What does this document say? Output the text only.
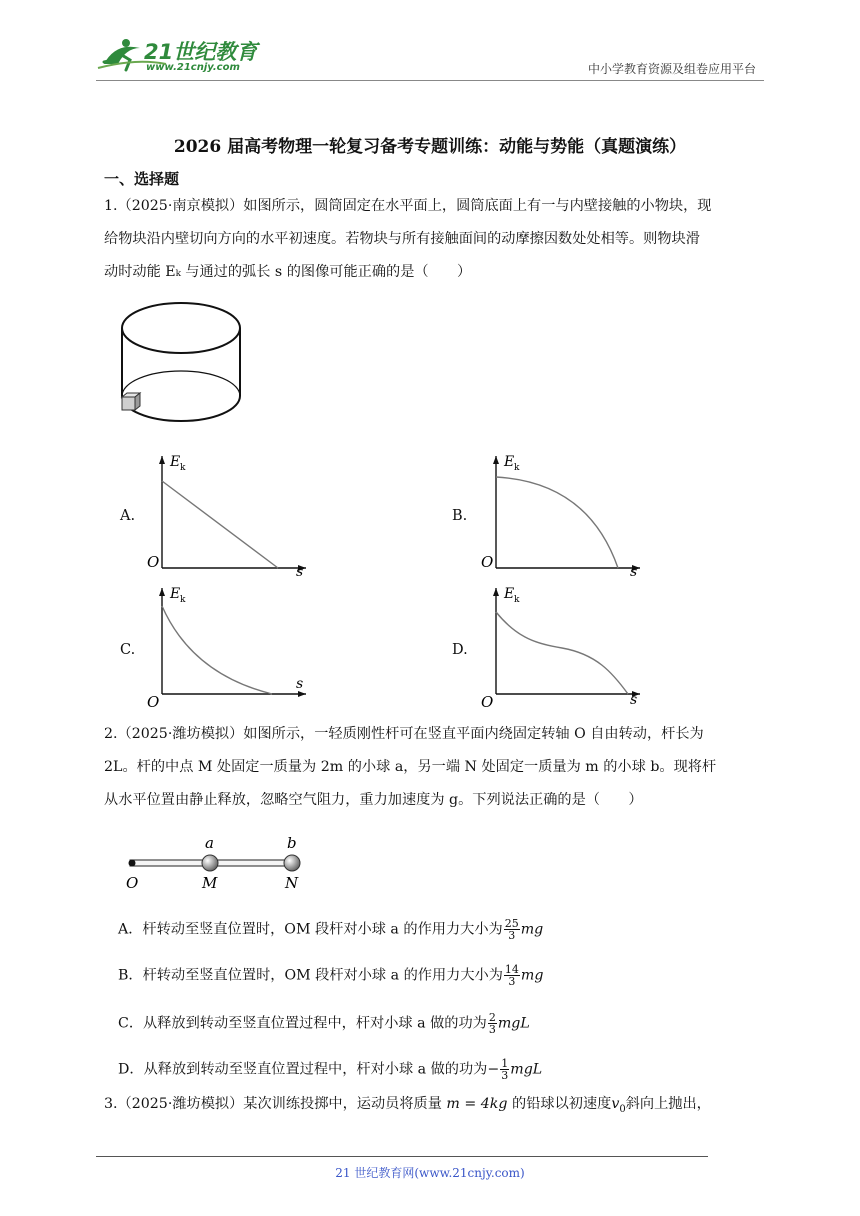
21世纪教育
www.21cnjy.com	中小学教育资源及组卷应用平台
2026 届高考物理一轮复习备考专题训练：动能与势能（真题演练）
一、选择题
1.（2025·南京模拟）如图所示，圆筒固定在水平面上，圆筒底面上有一与内壁接触的小物块，现
给物块沿内壁切向方向的水平初速度。若物块与所有接触面间的动摩擦因数处处相等。则物块滑
动时动能 Eₖ 与通过的弧长 s 的图像可能正确的是（　　）
A.
E k
O
s
B.
E k
O
s
C.
E k
O
s
D.
E k
O	s
2.（2025·潍坊模拟）如图所示，一轻质刚性杆可在竖直平面内绕固定转轴 O 自由转动，杆长为
2L。杆的中点 M 处固定一质量为 2m 的小球 a，另一端 N 处固定一质量为 m 的小球 b。现将杆
从水平位置由静止释放，忽略空气阻力，重力加速度为 g。下列说法正确的是（　　）
a	b
O	M	N
A．杆转动至竖直位置时，OM 段杆对小球 a 的作用力大小为 $\frac{25}{3}$ mg
B．杆转动至竖直位置时，OM 段杆对小球 a 的作用力大小为 $\frac{14}{3}$ mg
C．从释放到转动至竖直位置过程中，杆对小球 a 做的功为 $\frac{2}{3}$ mgL
D．从释放到转动至竖直位置过程中，杆对小球 a 做的功为− $\frac{1}{3}$ mgL
3.（2025·潍坊模拟）某次训练投掷中，运动员将质量 m = 4kg 的铅球以初速度$v_0$斜向上抛出，
21 世纪教育网(www.21cnjy.com)
